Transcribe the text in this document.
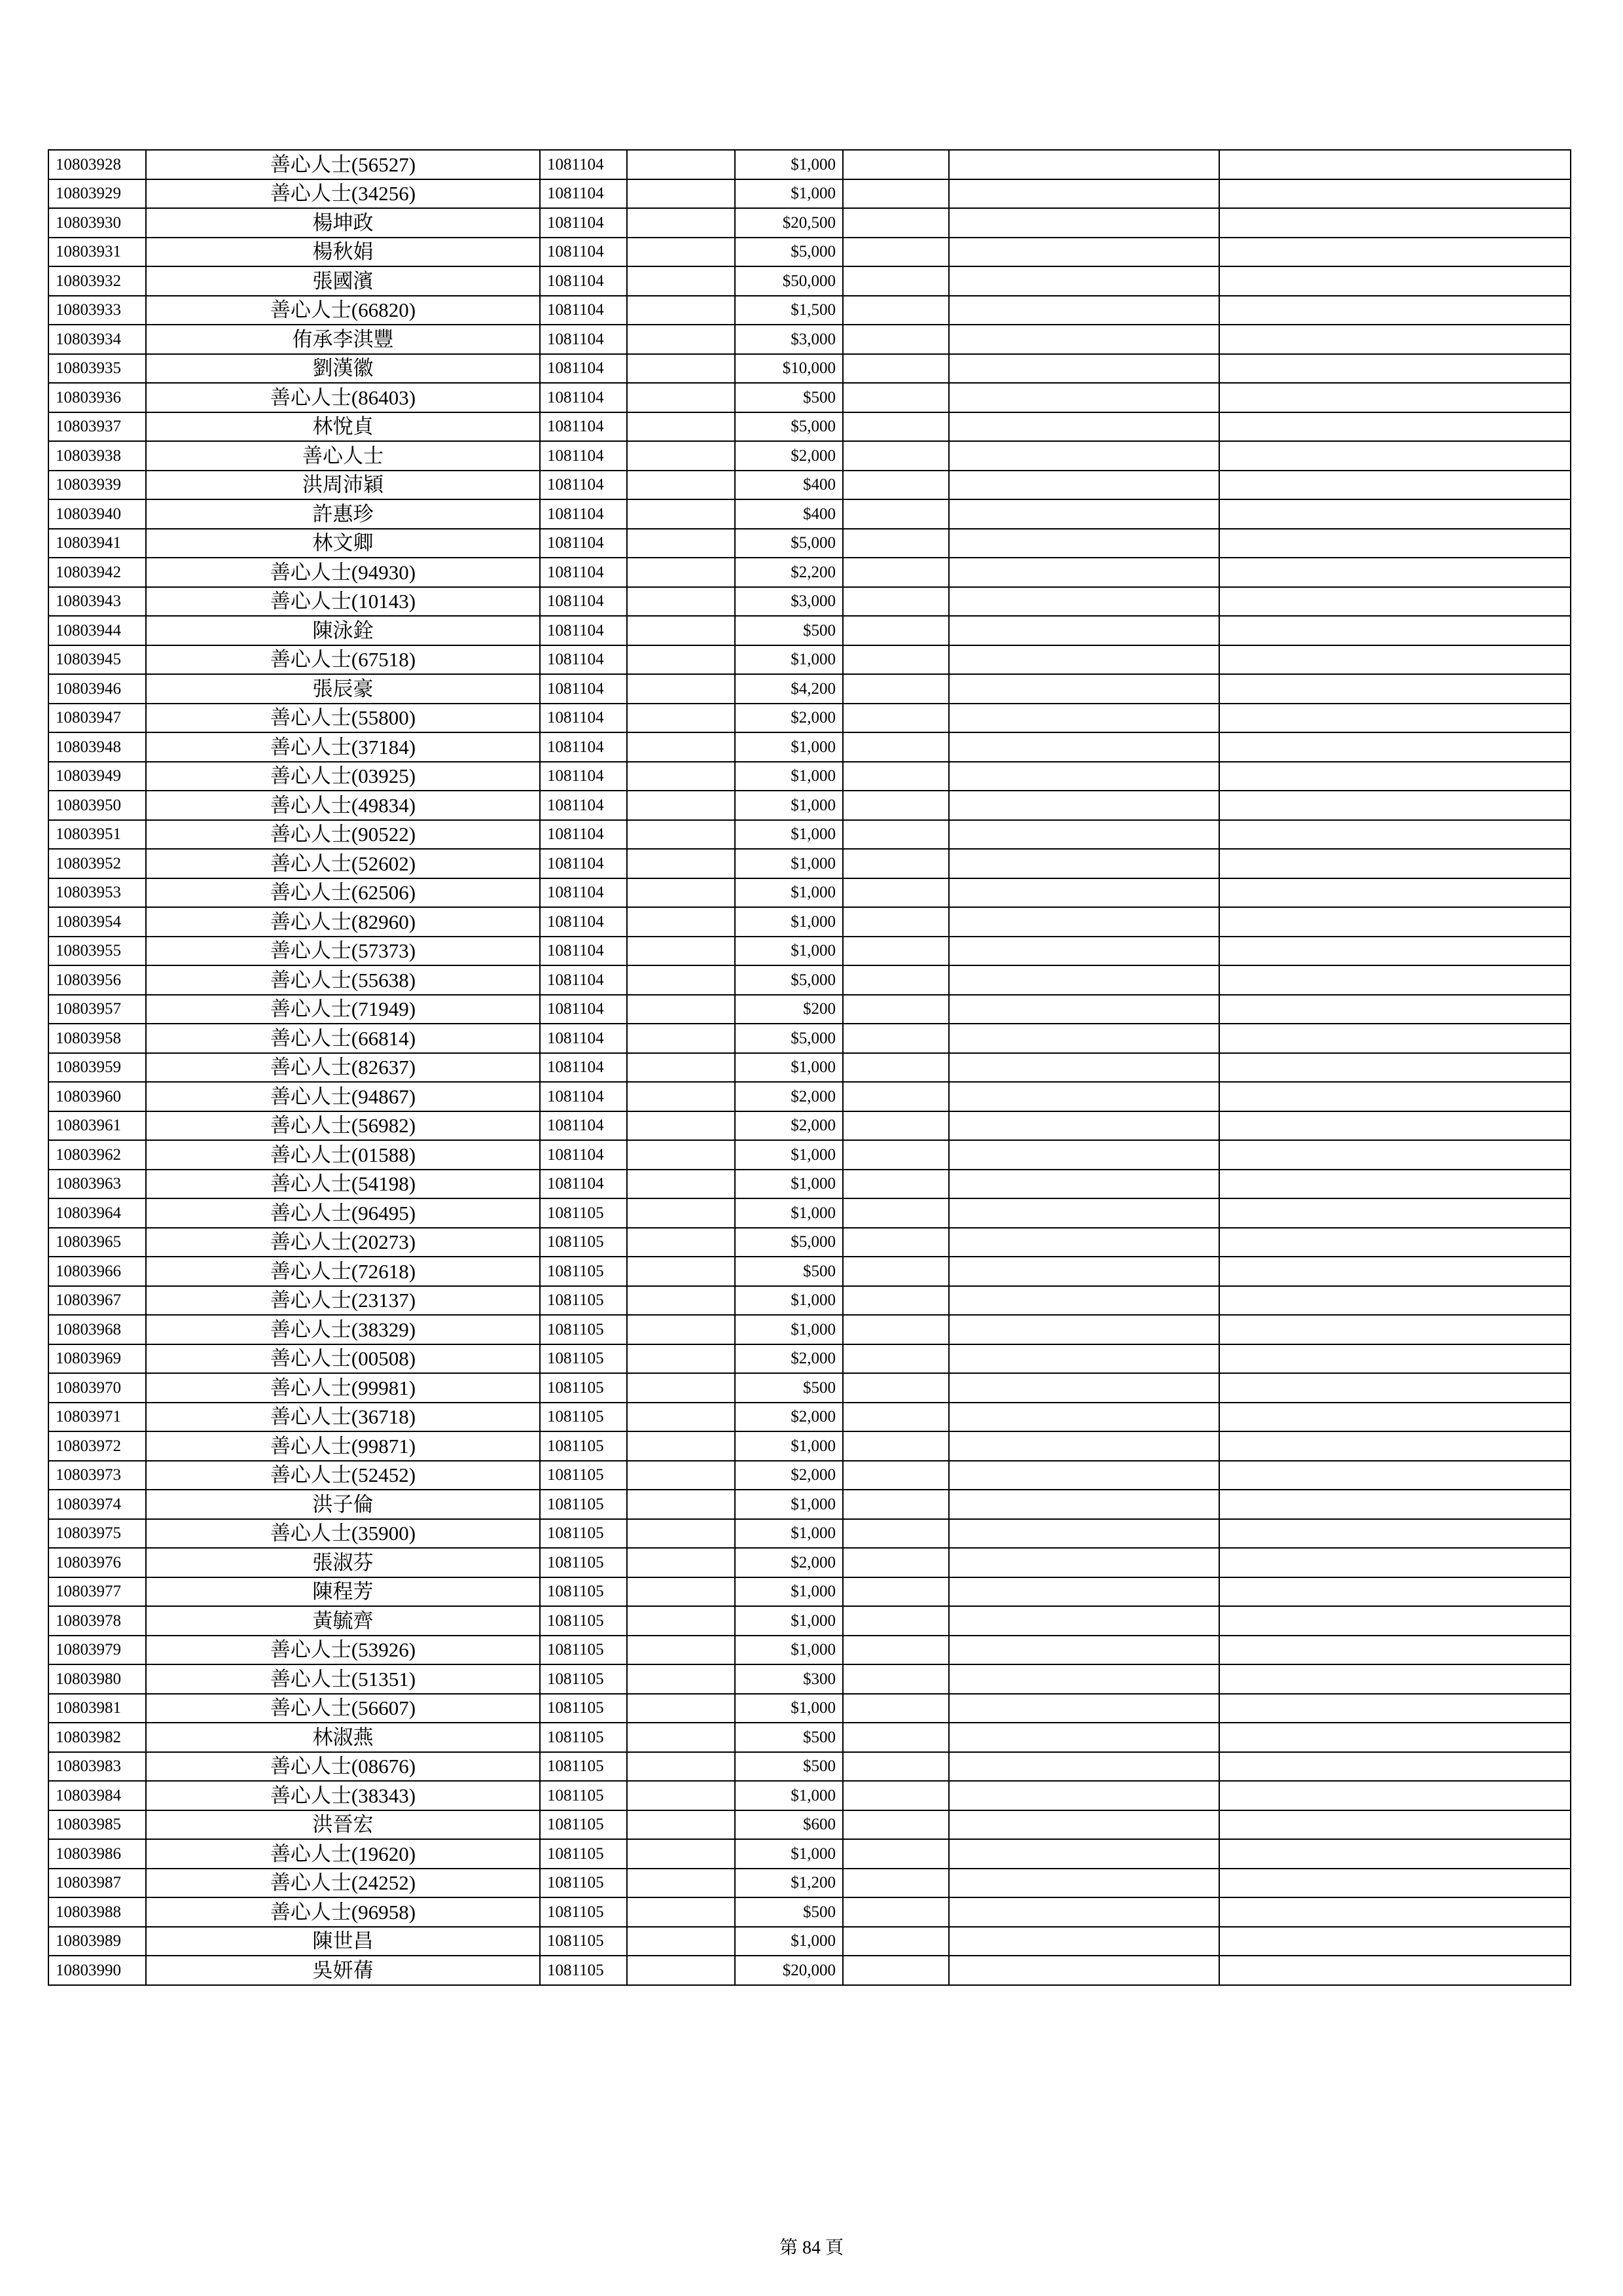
10803928	善心人士(56527)	1081104		$1,000			
10803929	善心人士(34256)	1081104		$1,000			
10803930	楊坤政	1081104		$20,500			
10803931	楊秋娟	1081104		$5,000			
10803932	張國濱	1081104		$50,000			
10803933	善心人士(66820)	1081104		$1,500			
10803934	侑承李淇豐	1081104		$3,000			
10803935	劉漢徽	1081104		$10,000			
10803936	善心人士(86403)	1081104		$500			
10803937	林悅貞	1081104		$5,000			
10803938	善心人士	1081104		$2,000			
10803939	洪周沛穎	1081104		$400			
10803940	許惠珍	1081104		$400			
10803941	林文卿	1081104		$5,000			
10803942	善心人士(94930)	1081104		$2,200			
10803943	善心人士(10143)	1081104		$3,000			
10803944	陳泳銓	1081104		$500			
10803945	善心人士(67518)	1081104		$1,000			
10803946	張辰豪	1081104		$4,200			
10803947	善心人士(55800)	1081104		$2,000			
10803948	善心人士(37184)	1081104		$1,000			
10803949	善心人士(03925)	1081104		$1,000			
10803950	善心人士(49834)	1081104		$1,000			
10803951	善心人士(90522)	1081104		$1,000			
10803952	善心人士(52602)	1081104		$1,000			
10803953	善心人士(62506)	1081104		$1,000			
10803954	善心人士(82960)	1081104		$1,000			
10803955	善心人士(57373)	1081104		$1,000			
10803956	善心人士(55638)	1081104		$5,000			
10803957	善心人士(71949)	1081104		$200			
10803958	善心人士(66814)	1081104		$5,000			
10803959	善心人士(82637)	1081104		$1,000			
10803960	善心人士(94867)	1081104		$2,000			
10803961	善心人士(56982)	1081104		$2,000			
10803962	善心人士(01588)	1081104		$1,000			
10803963	善心人士(54198)	1081104		$1,000			
10803964	善心人士(96495)	1081105		$1,000			
10803965	善心人士(20273)	1081105		$5,000			
10803966	善心人士(72618)	1081105		$500			
10803967	善心人士(23137)	1081105		$1,000			
10803968	善心人士(38329)	1081105		$1,000			
10803969	善心人士(00508)	1081105		$2,000			
10803970	善心人士(99981)	1081105		$500			
10803971	善心人士(36718)	1081105		$2,000			
10803972	善心人士(99871)	1081105		$1,000			
10803973	善心人士(52452)	1081105		$2,000			
10803974	洪子倫	1081105		$1,000			
10803975	善心人士(35900)	1081105		$1,000			
10803976	張淑芬	1081105		$2,000			
10803977	陳程芳	1081105		$1,000			
10803978	黃毓齊	1081105		$1,000			
10803979	善心人士(53926)	1081105		$1,000			
10803980	善心人士(51351)	1081105		$300			
10803981	善心人士(56607)	1081105		$1,000			
10803982	林淑燕	1081105		$500			
10803983	善心人士(08676)	1081105		$500			
10803984	善心人士(38343)	1081105		$1,000			
10803985	洪晉宏	1081105		$600			
10803986	善心人士(19620)	1081105		$1,000			
10803987	善心人士(24252)	1081105		$1,200			
10803988	善心人士(96958)	1081105		$500			
10803989	陳世昌	1081105		$1,000			
10803990	吳妍蒨	1081105		$20,000			
第 84 頁
